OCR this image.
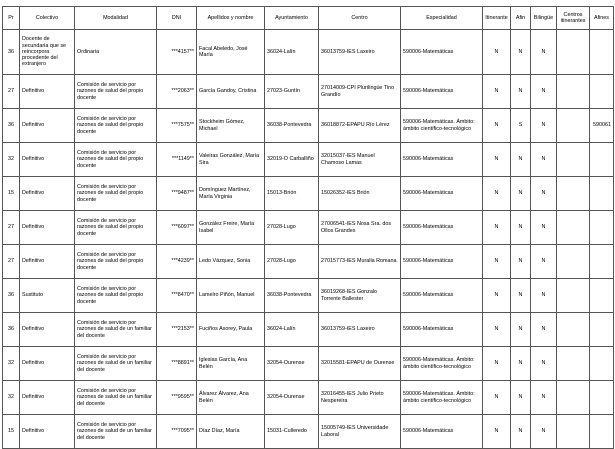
Pr	Colectivo	Modalidad	DNI	Apellidos y nombre	Ayuntamiento	Centro	Especialidad	Itinerante	Afin	Bilingüe	Centros itinerantes	Afines
36	Docente de secundaria que se reincorpora procedente del extranjero	Ordinaria	***4157**	Facal Abeledo, José María	36024-Lalín	36013759-IES Laxeiro	590006-Matemáticas	N	N	N		
27	Definitivo	Comisión de servicio por razones de salud del propio docente	***2063**	García Gandoy, Cristina	27023-Guntín	27014009-CPI Plurilingüe Tino Grandío	590006-Matemáticas	N	N	N		
36	Definitivo	Comisión de servicio por razones de salud del propio docente	***7575**	Stockheim Gómez, Michael	36038-Pontevedra	36018872-EPAPU Río Lérez	590006-Matemáticas. Ámbito: ámbito científico-tecnológico	N	S	N		590061
32	Definitivo	Comisión de servicio por razones de salud del propio docente	***1149**	Valeiras González, María Sira	32019-O Carballiño	32015037-IES Manuel Chamoso Lamas	590006-Matemáticas	N	N	N		
15	Definitivo	Comisión de servicio por razones de salud del propio docente	***9487**	Domínguez Martínez, María Virginia	15013-Brión	15026352-IES Brión	590006-Matemáticas	N	N	N		
27	Definitivo	Comisión de servicio por razones de salud del propio docente	***6097**	González Freire, María Isabel	27028-Lugo	27006541-IES Nosa Sra. dos Ollos Grandes	590006-Matemáticas	N	N	N		
27	Definitivo	Comisión de servicio por razones de salud del propio docente	***4239**	Ledo Vázquez, Sonia	27028-Lugo	27015773-IES Muralla Romana	590006-Matemáticas	N	N	N		
36	Sustituto	Comisión de servicio por razones de salud del propio docente	***8470**	Lamelro Piñón, Manuel	36038-Pontevedra	36019268-IES Gonzalo Torrente Ballester	590006-Matemáticas	N	N	N		
36	Definitivo	Comisión de servicio por razones de salud de un familiar del docente	***2153**	Fuciños Asorey, Paula	36024-Lalín	36013759-IES Laxeiro	590006-Matemáticas	N	N	N		
32	Definitivo	Comisión de servicio por razones de salud de un familiar del docente	***8891**	Iglesias García, Ana Belén	32054-Ourense	32015581-EPAPU de Ourense	590006-Matemáticas. Ámbito: ámbito científico-tecnológico	N	N	N		
32	Definitivo	Comisión de servicio por razones de salud de un familiar del docente	***9595**	Álvarez Álvarez, Ana Belén	32054-Ourense	32016455-IES Julio Prieto Nespereira	590006-Matemáticas. Ámbito: ámbito científico-tecnológico	N	N	N		
15	Definitivo	Comisión de servicio por razones de salud de un familiar del docente	***7095**	Díaz Díaz, María	15031-Culleredo	15005749-IES Universidade Laboral	590006-Matemáticas	N	N	N		
